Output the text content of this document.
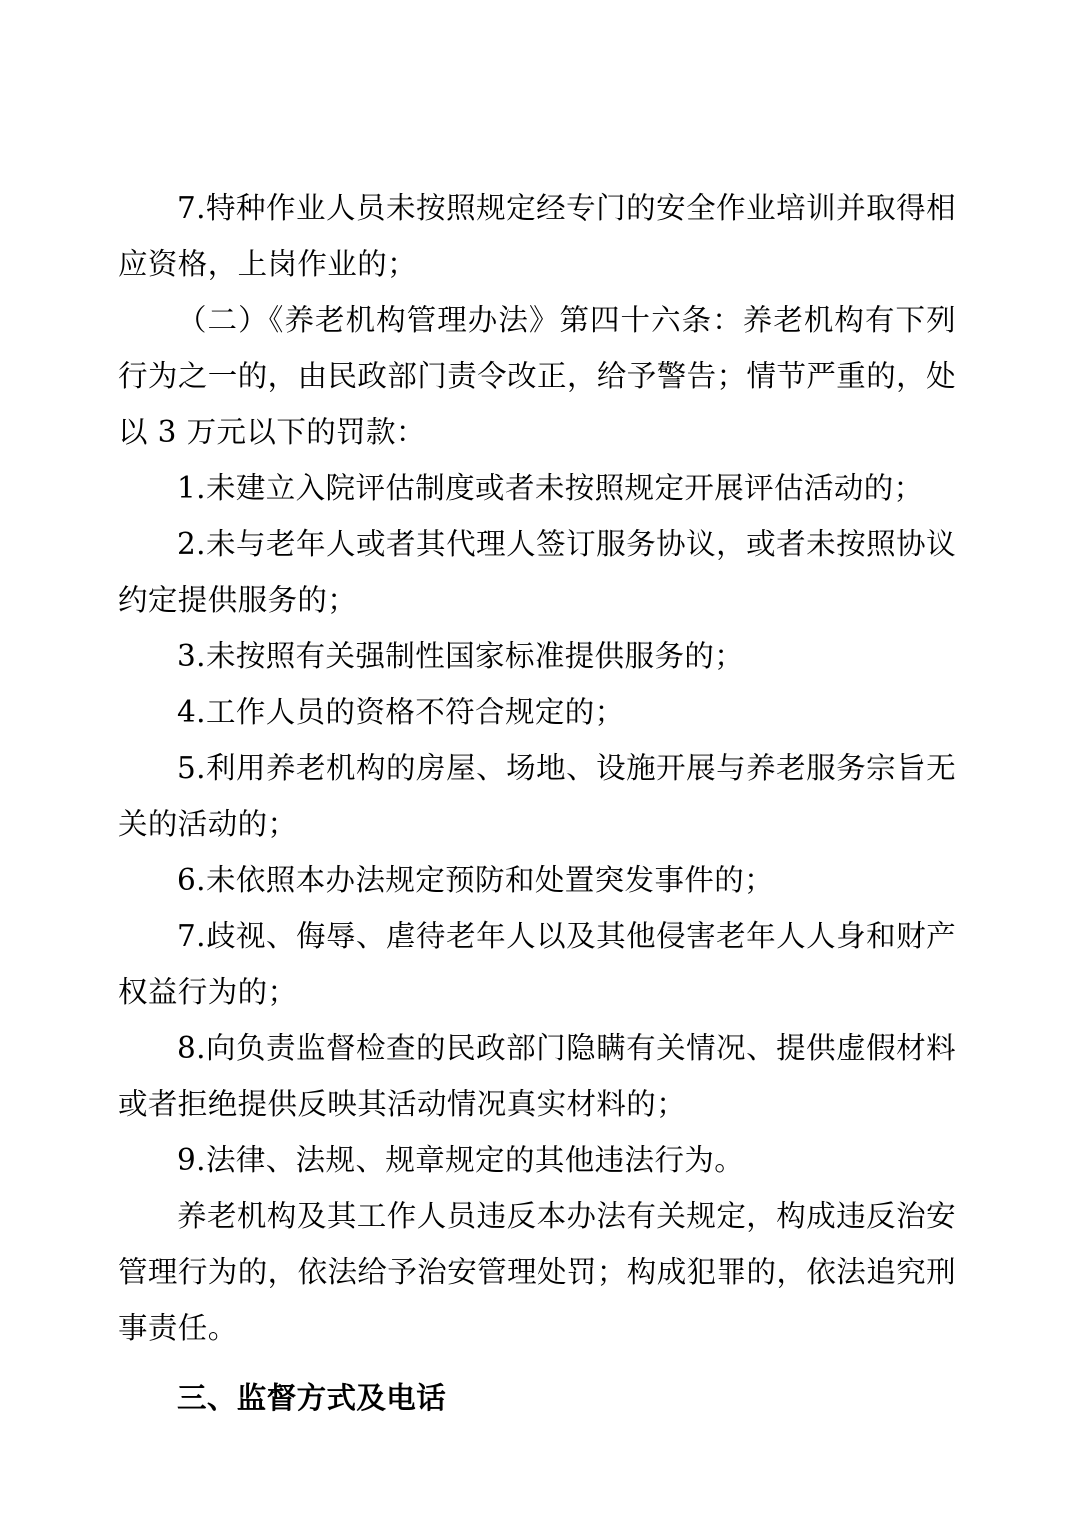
7.特种作业人员未按照规定经专门的安全作业培训并取得相应资格，上岗作业的；

（二）《养老机构管理办法》第四十六条：养老机构有下列行为之一的，由民政部门责令改正，给予警告；情节严重的，处以 3 万元以下的罚款：

1.未建立入院评估制度或者未按照规定开展评估活动的；

2.未与老年人或者其代理人签订服务协议，或者未按照协议约定提供服务的；

3.未按照有关强制性国家标准提供服务的；

4.工作人员的资格不符合规定的；

5.利用养老机构的房屋、场地、设施开展与养老服务宗旨无关的活动的；

6.未依照本办法规定预防和处置突发事件的；

7.歧视、侮辱、虐待老年人以及其他侵害老年人人身和财产权益行为的；

8.向负责监督检查的民政部门隐瞒有关情况、提供虚假材料或者拒绝提供反映其活动情况真实材料的；

9.法律、法规、规章规定的其他违法行为。

养老机构及其工作人员违反本办法有关规定，构成违反治安管理行为的，依法给予治安管理处罚；构成犯罪的，依法追究刑事责任。

三、监督方式及电话
